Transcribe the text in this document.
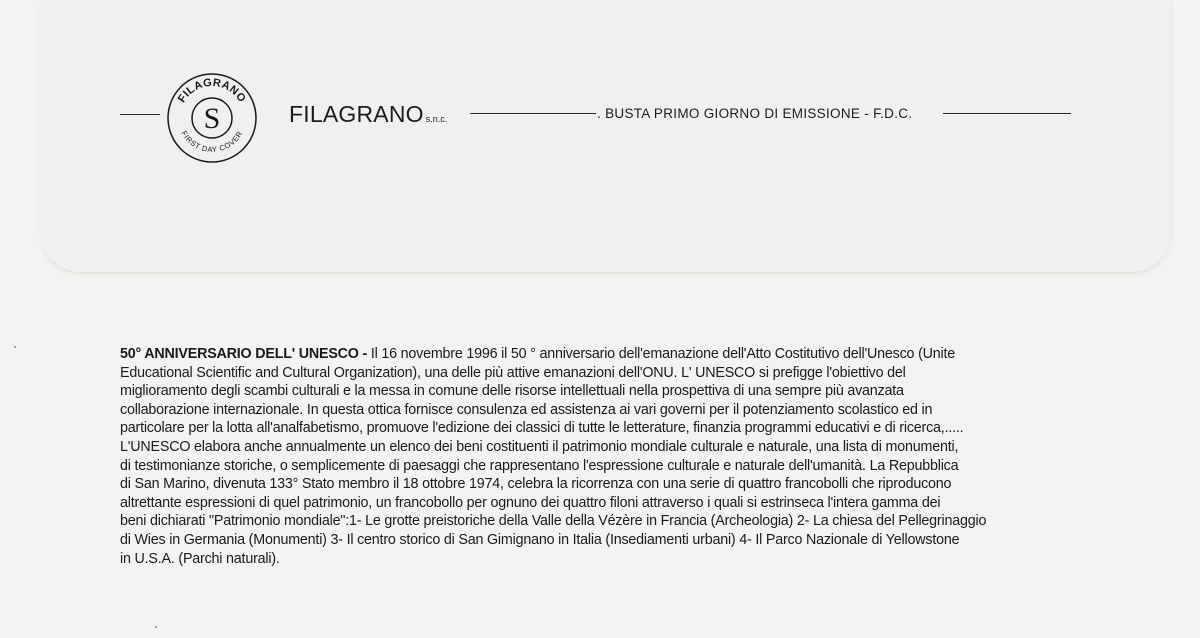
FILAGRANO
FIRST DAY COVER
S	FILAGRANO s.n.c.	. BUSTA PRIMO GIORNO DI EMISSIONE - F.D.C.
50° ANNIVERSARIO DELL' UNESCO - Il 16 novembre 1996 il 50 ° anniversario dell'emanazione dell'Atto Costitutivo dell'Unesco (Unite
Educational Scientific and Cultural Organization), una delle più attive emanazioni dell'ONU. L' UNESCO si prefigge l'obiettivo del
miglioramento degli scambi culturali e la messa in comune delle risorse intellettuali nella prospettiva di una sempre più avanzata
collaborazione internazionale. In questa ottica fornisce consulenza ed assistenza ai vari governi per il potenziamento scolastico ed in
particolare per la lotta all'analfabetismo, promuove l'edizione dei classici di tutte le letterature, finanzia programmi educativi e di ricerca,.....
L'UNESCO elabora anche annualmente un elenco dei beni costituenti il patrimonio mondiale culturale e naturale, una lista di monumenti,
di testimonianze storiche, o semplicemente di paesaggi che rappresentano l'espressione culturale e naturale dell'umanità. La Repubblica
di San Marino, divenuta 133° Stato membro il 18 ottobre 1974, celebra la ricorrenza con una serie di quattro francobolli che riproducono
altrettante espressioni di quel patrimonio, un francobollo per ognuno dei quattro filoni attraverso i quali si estrinseca l'intera gamma dei
beni dichiarati "Patrimonio mondiale":1- Le grotte preistoriche della Valle della Vézère in Francia (Archeologia) 2- La chiesa del Pellegrinaggio
di Wies in Germania (Monumenti) 3- Il centro storico di San Gimignano in Italia (Insediamenti urbani) 4- Il Parco Nazionale di Yellowstone
in U.S.A. (Parchi naturali).
